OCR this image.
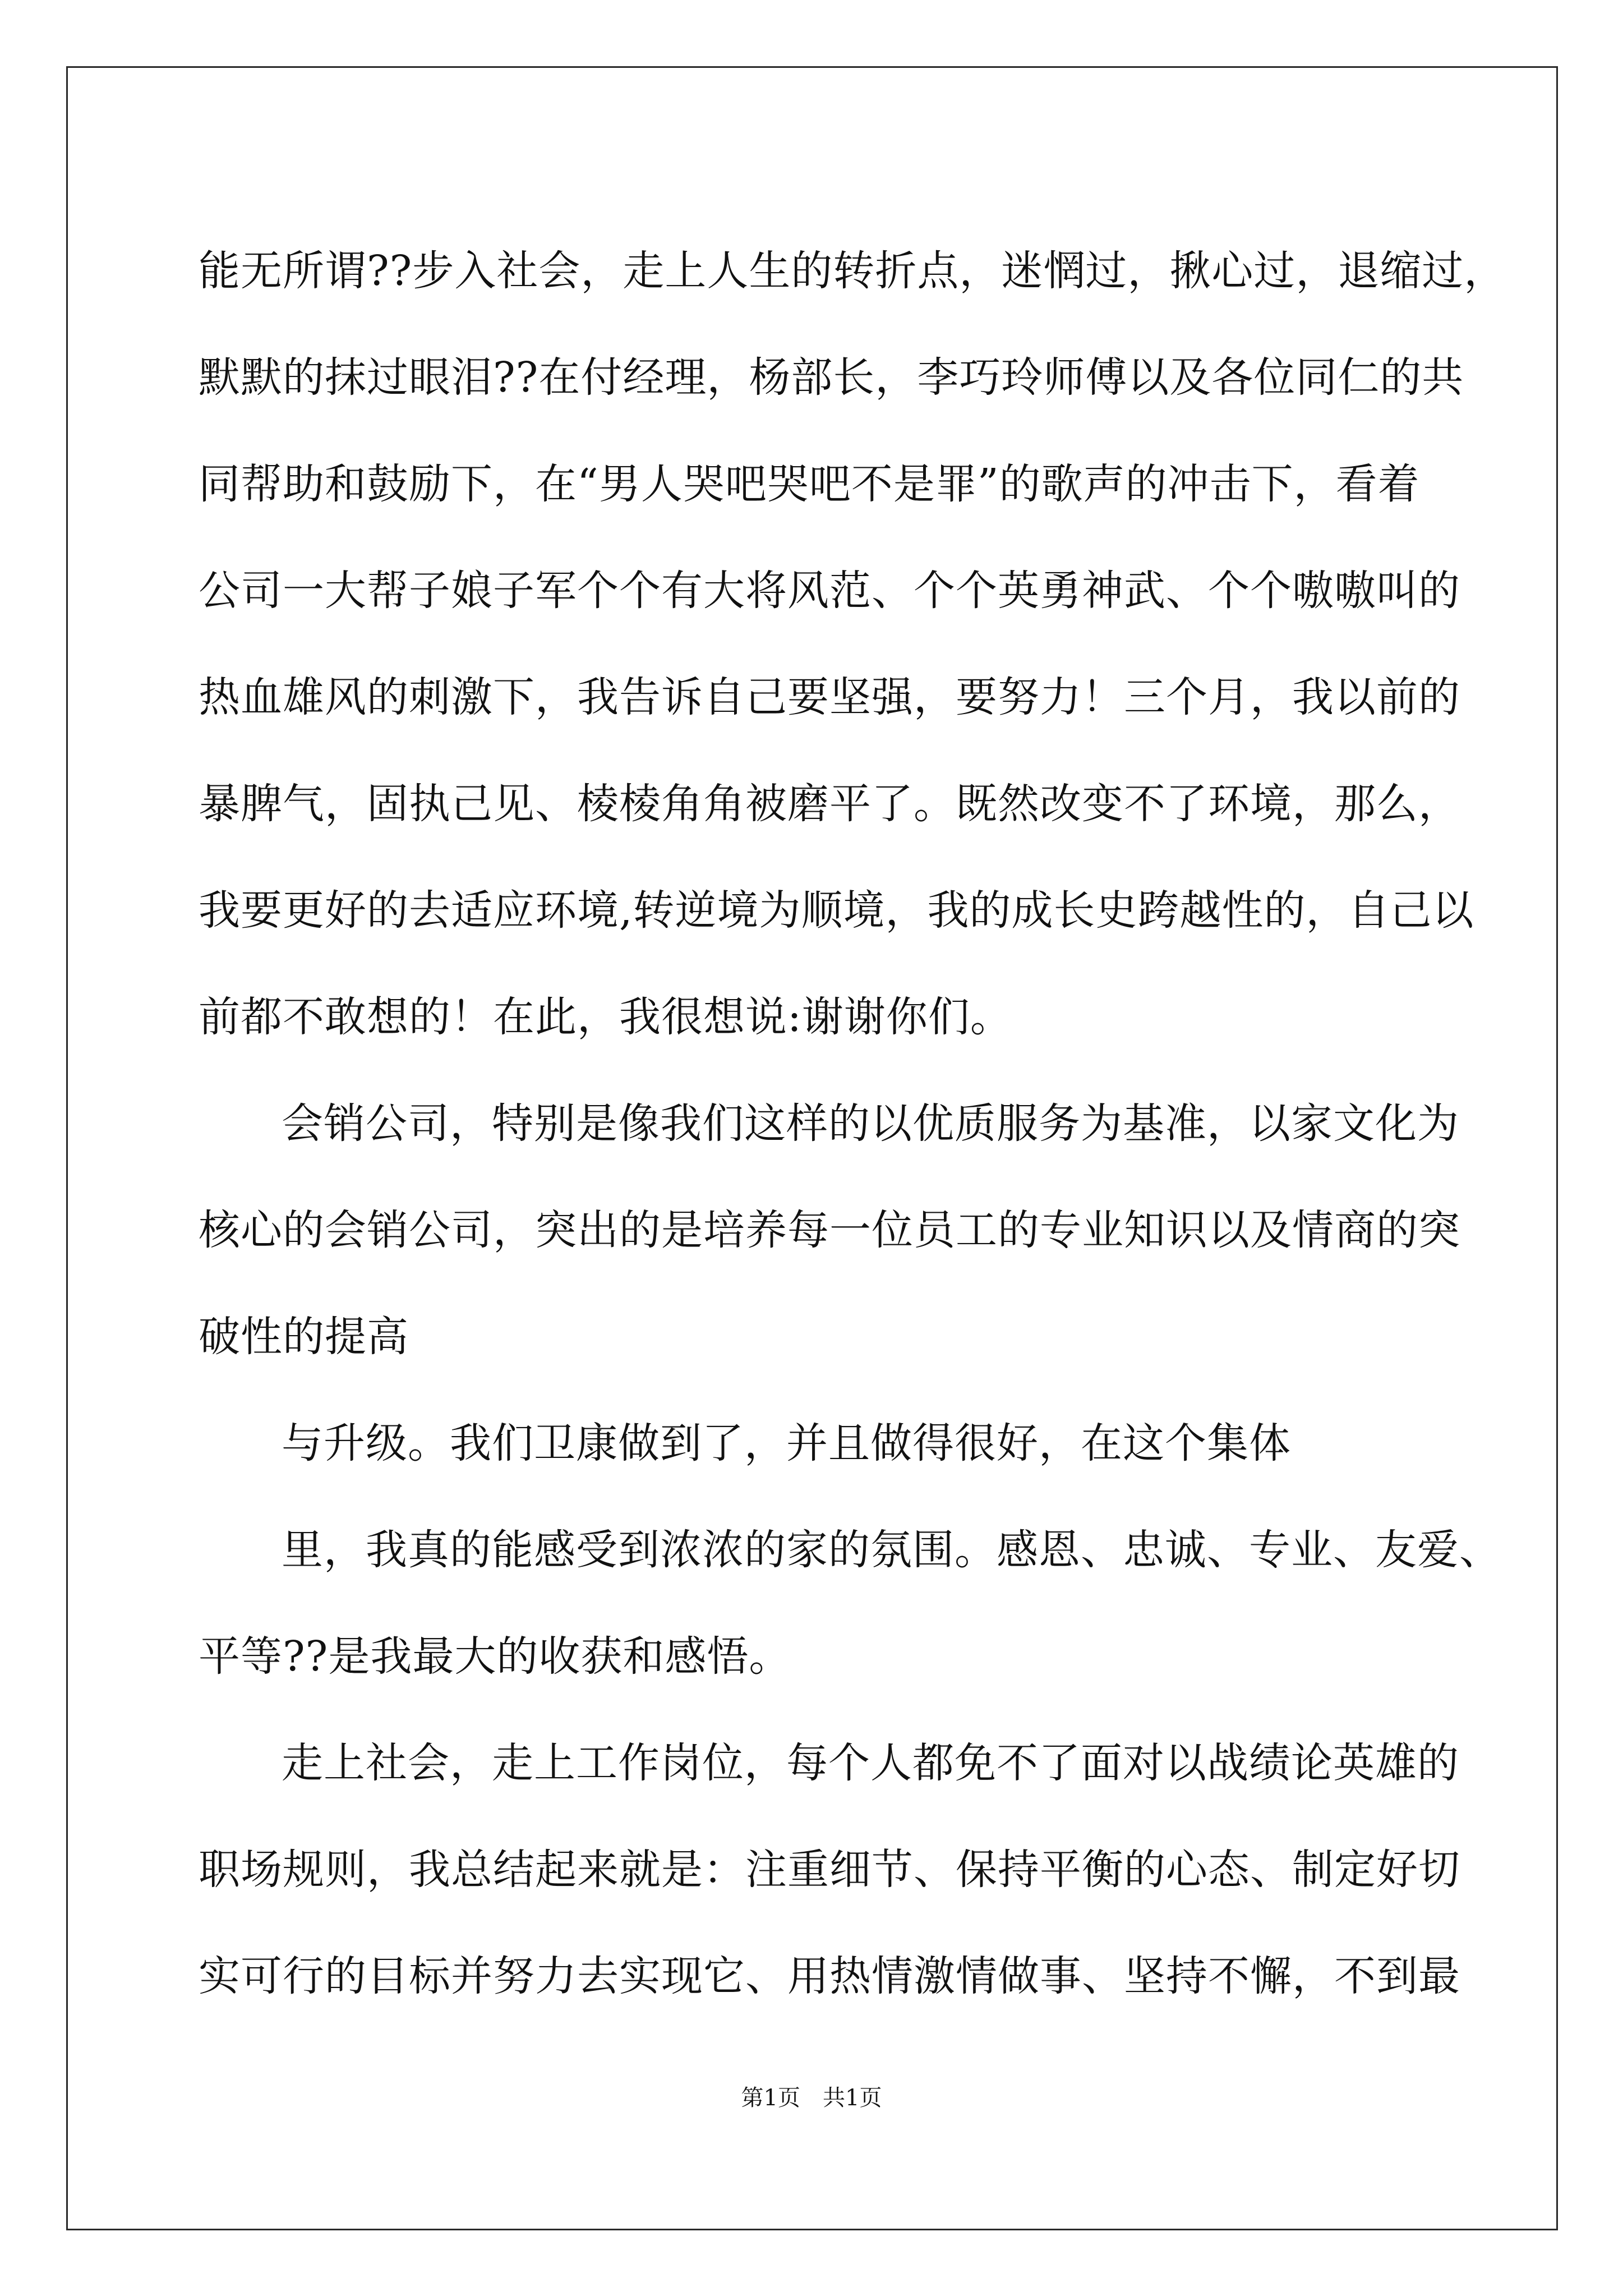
能无所谓??步入社会，走上人生的转折点，迷惘过，揪心过，退缩过，
默默的抹过眼泪??在付经理，杨部长，李巧玲师傅以及各位同仁的共
同帮助和鼓励下，在“男人哭吧哭吧不是罪”的歌声的冲击下，看着
公司一大帮子娘子军个个有大将风范、个个英勇神武、个个嗷嗷叫的
热血雄风的刺激下，我告诉自己要坚强，要努力！三个月，我以前的
暴脾气，固执己见、棱棱角角被磨平了。既然改变不了环境，那么，
我要更好的去适应环境,转逆境为顺境，我的成长史跨越性的，自己以
前都不敢想的！在此，我很想说:谢谢你们。
会销公司，特别是像我们这样的以优质服务为基准，以家文化为
核心的会销公司，突出的是培养每一位员工的专业知识以及情商的突
破性的提高
与升级。我们卫康做到了，并且做得很好，在这个集体
里，我真的能感受到浓浓的家的氛围。感恩、忠诚、专业、友爱、
平等??是我最大的收获和感悟。
走上社会，走上工作岗位，每个人都免不了面对以战绩论英雄的
职场规则，我总结起来就是：注重细节、保持平衡的心态、制定好切
实可行的目标并努力去实现它、用热情激情做事、坚持不懈，不到最
第1页 共1页
